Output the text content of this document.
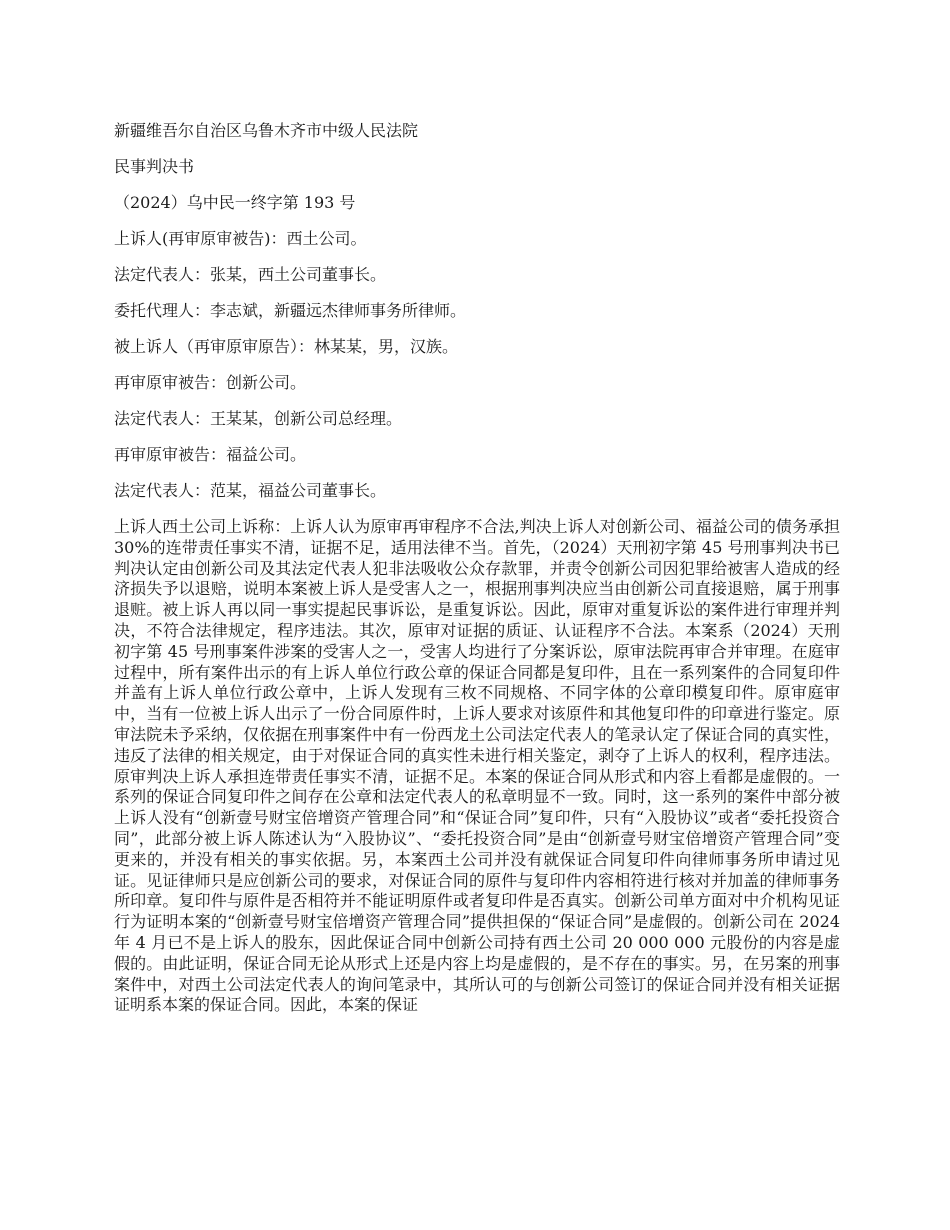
新疆维吾尔自治区乌鲁木齐市中级人民法院
民事判决书
（2024）乌中民一终字第 193 号
上诉人(再审原审被告)：西土公司。
法定代表人：张某，西土公司董事长。
委托代理人：李志斌，新疆远杰律师事务所律师。
被上诉人（再审原审原告）：林某某，男，汉族。
再审原审被告：创新公司。
法定代表人：王某某，创新公司总经理。
再审原审被告：福益公司。
法定代表人：范某，福益公司董事长。

上诉人西土公司上诉称：上诉人认为原审再审程序不合法,判决上诉人对创新公司、福益公司的债务承担 30%的连带责任事实不清，证据不足，适用法律不当。首先，（2024）天刑初字第 45 号刑事判决书已判决认定由创新公司及其法定代表人犯非法吸收公众存款罪，并责令创新公司因犯罪给被害人造成的经济损失予以退赔，说明本案被上诉人是受害人之一，根据刑事判决应当由创新公司直接退赔，属于刑事退赃。被上诉人再以同一事实提起民事诉讼，是重复诉讼。因此，原审对重复诉讼的案件进行审理并判决，不符合法律规定，程序违法。其次，原审对证据的质证、认证程序不合法。本案系（2024）天刑初字第 45 号刑事案件涉案的受害人之一，受害人均进行了分案诉讼，原审法院再审合并审理。在庭审过程中，所有案件出示的有上诉人单位行政公章的保证合同都是复印件，且在一系列案件的合同复印件并盖有上诉人单位行政公章中，上诉人发现有三枚不同规格、不同字体的公章印模复印件。原审庭审中，当有一位被上诉人出示了一份合同原件时，上诉人要求对该原件和其他复印件的印章进行鉴定。原审法院未予采纳，仅依据在刑事案件中有一份西龙土公司法定代表人的笔录认定了保证合同的真实性，违反了法律的相关规定，由于对保证合同的真实性未进行相关鉴定，剥夺了上诉人的权利，程序违法。原审判决上诉人承担连带责任事实不清，证据不足。本案的保证合同从形式和内容上看都是虚假的。一系列的保证合同复印件之间存在公章和法定代表人的私章明显不一致。同时，这一系列的案件中部分被上诉人没有“创新壹号财宝倍增资产管理合同”和“保证合同”复印件，只有“入股协议”或者“委托投资合同”，此部分被上诉人陈述认为“入股协议”、“委托投资合同”是由“创新壹号财宝倍增资产管理合同”变更来的，并没有相关的事实依据。另，本案西土公司并没有就保证合同复印件向律师事务所申请过见证。见证律师只是应创新公司的要求，对保证合同的原件与复印件内容相符进行核对并加盖的律师事务所印章。复印件与原件是否相符并不能证明原件或者复印件是否真实。创新公司单方面对中介机构见证行为证明本案的“创新壹号财宝倍增资产管理合同”提供担保的“保证合同”是虚假的。创新公司在 2024 年 4 月已不是上诉人的股东，因此保证合同中创新公司持有西土公司 20 000 000 元股份的内容是虚假的。由此证明，保证合同无论从形式上还是内容上均是虚假的，是不存在的事实。另，在另案的刑事案件中，对西土公司法定代表人的询问笔录中，其所认可的与创新公司签订的保证合同并没有相关证据证明系本案的保证合同。因此，本案的保证
